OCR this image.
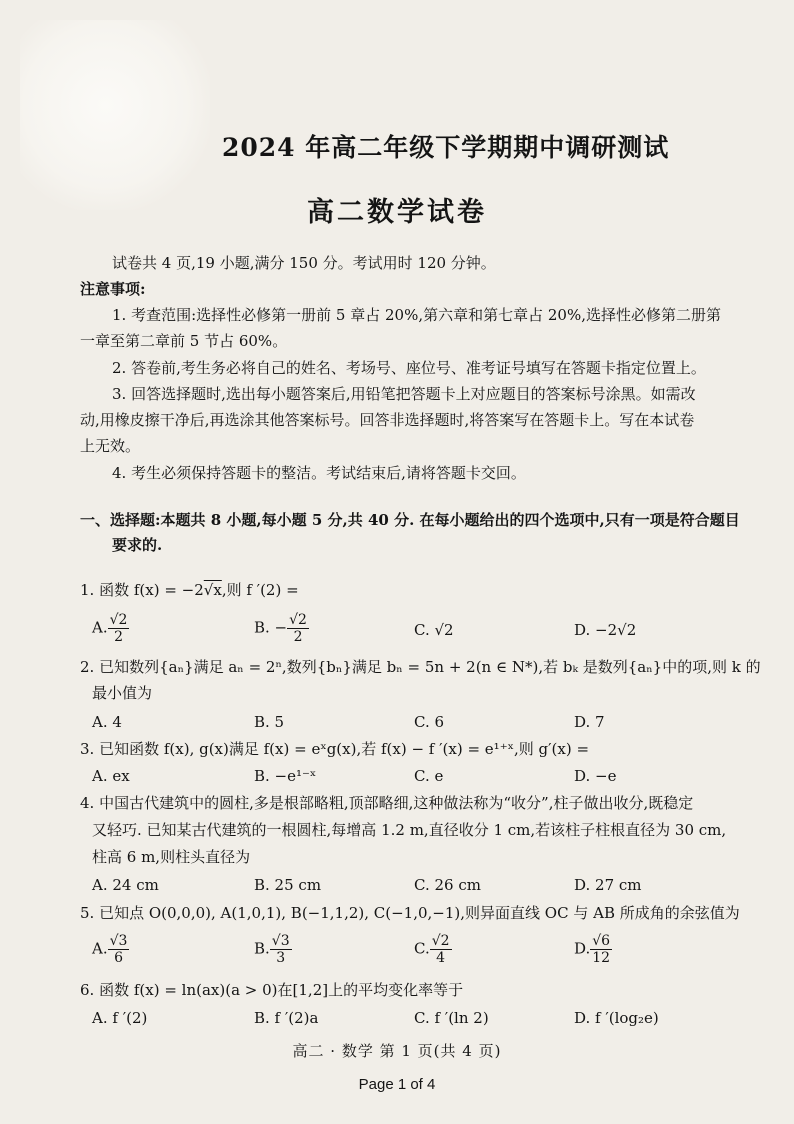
2024 年高二年级下学期期中调研测试
高二数学试卷
试卷共 4 页,19 小题,满分 150 分。考试用时 120 分钟。
注意事项:
1. 考查范围:选择性必修第一册前 5 章占 20%,第六章和第七章占 20%,选择性必修第二册第
一章至第二章前 5 节占 60%。
2. 答卷前,考生务必将自己的姓名、考场号、座位号、准考证号填写在答题卡指定位置上。
3. 回答选择题时,选出每小题答案后,用铅笔把答题卡上对应题目的答案标号涂黑。如需改
动,用橡皮擦干净后,再选涂其他答案标号。回答非选择题时,将答案写在答题卡上。写在本试卷
上无效。
4. 考生必须保持答题卡的整洁。考试结束后,请将答题卡交回。
一、选择题:本题共 8 小题,每小题 5 分,共 40 分. 在每小题给出的四个选项中,只有一项是符合题目
要求的.
1. 函数 f(x) = −2√x,则 f ′(2) =
A. $\frac{√2}{2}$	B. − $\frac{√2}{2}$	C. √2	D. −2√2
2. 已知数列{aₙ}满足 aₙ = 2ⁿ,数列{bₙ}满足 bₙ = 5n + 2(n ∈ N*),若 bₖ 是数列{aₙ}中的项,则 k 的
最小值为
A. 4	B. 5	C. 6	D. 7
3. 已知函数 f(x), g(x)满足 f(x) = eˣg(x),若 f(x) − f ′(x) = e¹⁺ˣ,则 g′(x) =
A. ex	B. −e¹⁻ˣ	C. e	D. −e
4. 中国古代建筑中的圆柱,多是根部略粗,顶部略细,这种做法称为“收分”,柱子做出收分,既稳定
又轻巧. 已知某古代建筑的一根圆柱,每增高 1.2 m,直径收分 1 cm,若该柱子柱根直径为 30 cm,
柱高 6 m,则柱头直径为
A. 24 cm	B. 25 cm	C. 26 cm	D. 27 cm
5. 已知点 O(0,0,0), A(1,0,1), B(−1,1,2), C(−1,0,−1),则异面直线 OC 与 AB 所成角的余弦值为
A. $\frac{√3}{6}$	B. $\frac{√3}{3}$	C. $\frac{√2}{4}$	D. $\frac{√6}{12}$
6. 函数 f(x) = ln(ax)(a > 0)在[1,2]上的平均变化率等于
A. f ′(2)	B. f ′(2)a	C. f ′(ln 2)	D. f ′(log₂e)
高二 · 数学 第 1 页(共 4 页)
Page 1 of 4
